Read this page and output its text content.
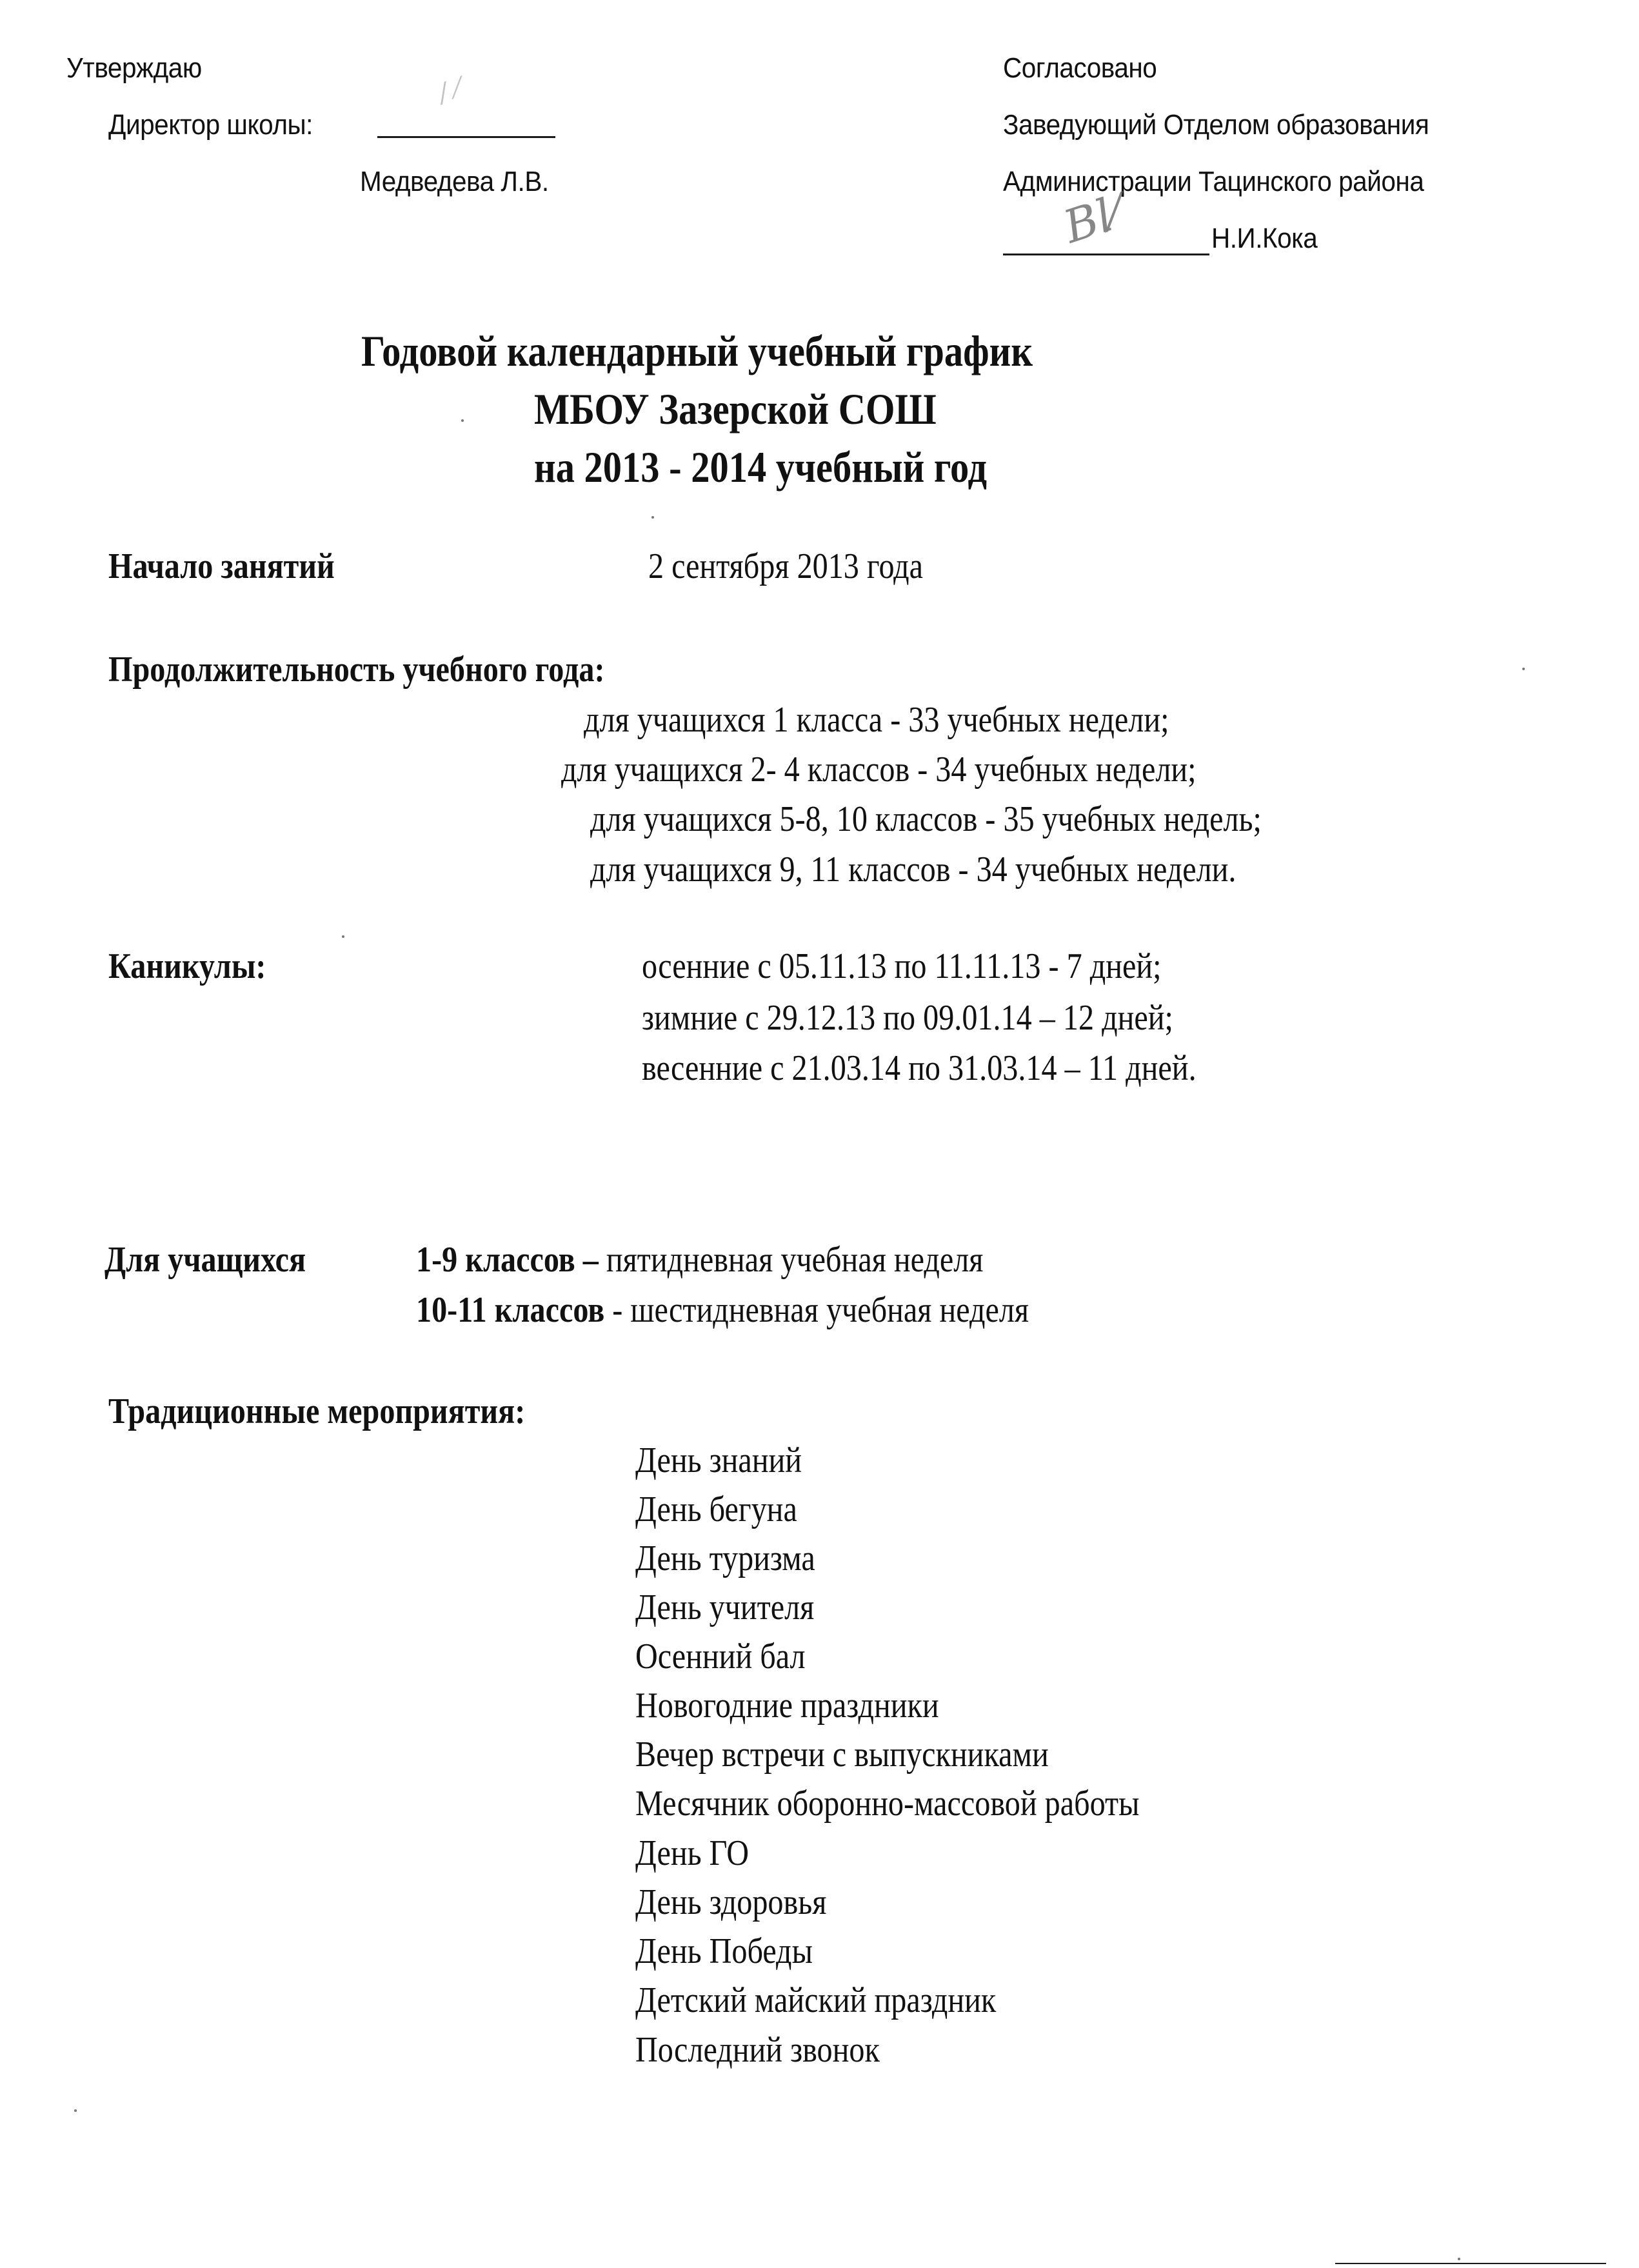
Утверждаю
Директор школы:
/ ⁄
Медведева Л.В.
Согласовано
Заведующий Отделом образования
Администрации Тацинского района
Bl⁄	Н.И.Кока
Годовой календарный учебный график
МБОУ Зазерской СОШ
на 2013 - 2014 учебный год
Начало занятий	2 сентября 2013 года
Продолжительность учебного года:
для учащихся 1 класса - 33 учебных недели;
для учащихся 2- 4 классов - 34 учебных недели;
для учащихся 5-8, 10 классов - 35 учебных недель;
для учащихся 9, 11 классов - 34 учебных недели.
Каникулы:	осенние с 05.11.13 по 11.11.13 - 7 дней;
зимние с 29.12.13 по 09.01.14 – 12 дней;
весенние с 21.03.14 по 31.03.14 – 11 дней.
Для учащихся	1-9 классов – пятидневная учебная неделя
10-11 классов - шестидневная учебная неделя
Традиционные мероприятия:
День знаний
День бегуна
День туризма
День учителя
Осенний бал
Новогодние праздники
Вечер встречи с выпускниками
Месячник оборонно-массовой работы
День ГО
День здоровья
День Победы
Детский майский праздник
Последний звонок
